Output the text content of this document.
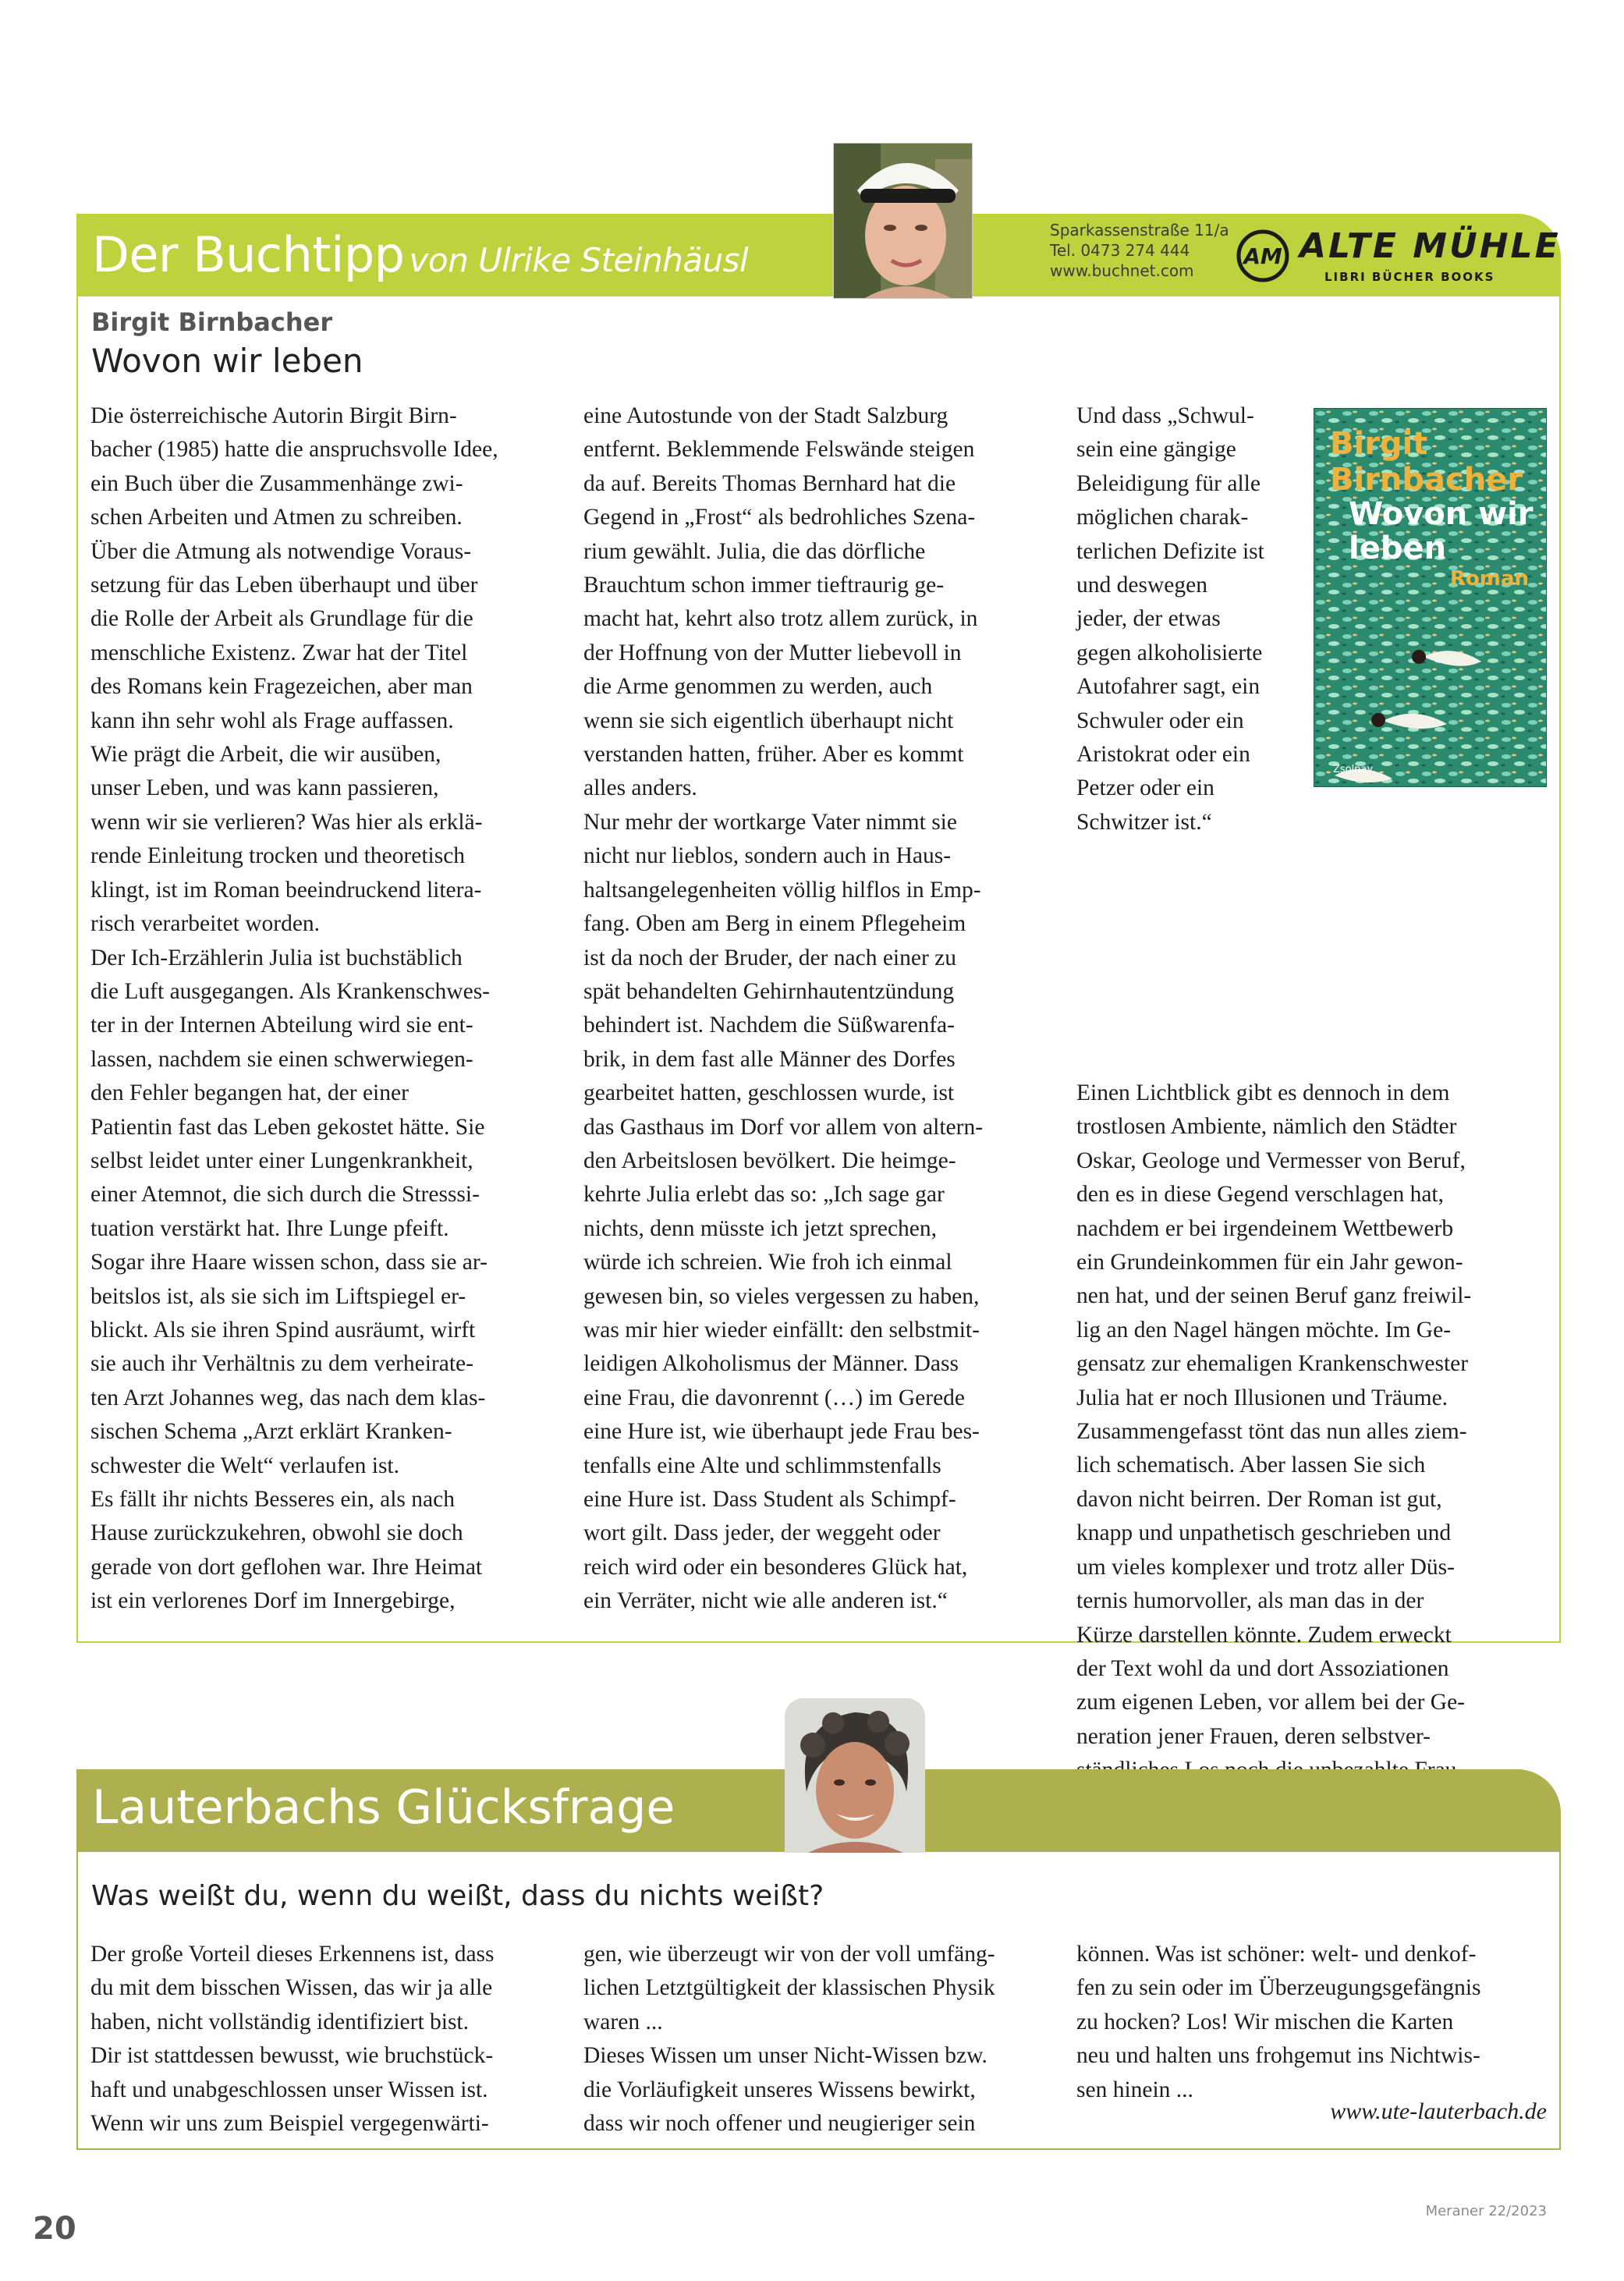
Der Buchtipp von Ulrike Steinhäusl
Sparkassenstraße 11/a
Tel. 0473 274 444
www.buchnet.com
AM ALTE MÜHLE
LIBRI BÜCHER BOOKS
Birgit Birnbacher
Wovon wir leben

Die österreichische Autorin Birgit Birn-

bacher (1985) hatte die anspruchsvolle Idee,

ein Buch über die Zusammenhänge zwi-

schen Arbeiten und Atmen zu schreiben.

Über die Atmung als notwendige Voraus-

setzung für das Leben überhaupt und über

die Rolle der Arbeit als Grundlage für die

menschliche Existenz. Zwar hat der Titel

des Romans kein Fragezeichen, aber man

kann ihn sehr wohl als Frage auffassen.

Wie prägt die Arbeit, die wir ausüben,

unser Leben, und was kann passieren,

wenn wir sie verlieren? Was hier als erklä-

rende Einleitung trocken und theoretisch

klingt, ist im Roman beeindruckend litera-

risch verarbeitet worden.

Der Ich-Erzählerin Julia ist buchstäblich

die Luft ausgegangen. Als Krankenschwes-

ter in der Internen Abteilung wird sie ent-

lassen, nachdem sie einen schwerwiegen-

den Fehler begangen hat, der einer

Patientin fast das Leben gekostet hätte. Sie

selbst leidet unter einer Lungenkrankheit,

einer Atemnot, die sich durch die Stresssi-

tuation verstärkt hat. Ihre Lunge pfeift.

Sogar ihre Haare wissen schon, dass sie ar-

beitslos ist, als sie sich im Liftspiegel er-

blickt. Als sie ihren Spind ausräumt, wirft

sie auch ihr Verhältnis zu dem verheirate-

ten Arzt Johannes weg, das nach dem klas-

sischen Schema „Arzt erklärt Kranken-

schwester die Welt“ verlaufen ist.

Es fällt ihr nichts Besseres ein, als nach

Hause zurückzukehren, obwohl sie doch

gerade von dort geflohen war. Ihre Heimat

ist ein verlorenes Dorf im Innergebirge,

eine Autostunde von der Stadt Salzburg

entfernt. Beklemmende Felswände steigen

da auf. Bereits Thomas Bernhard hat die

Gegend in „Frost“ als bedrohliches Szena-

rium gewählt. Julia, die das dörfliche

Brauchtum schon immer tieftraurig ge-

macht hat, kehrt also trotz allem zurück, in

der Hoffnung von der Mutter liebevoll in

die Arme genommen zu werden, auch

wenn sie sich eigentlich überhaupt nicht

verstanden hatten, früher. Aber es kommt

alles anders.

Nur mehr der wortkarge Vater nimmt sie

nicht nur lieblos, sondern auch in Haus-

haltsangelegenheiten völlig hilflos in Emp-

fang. Oben am Berg in einem Pflegeheim

ist da noch der Bruder, der nach einer zu

spät behandelten Gehirnhautentzündung

behindert ist. Nachdem die Süßwarenfa-

brik, in dem fast alle Männer des Dorfes

gearbeitet hatten, geschlossen wurde, ist

das Gasthaus im Dorf vor allem von altern-

den Arbeitslosen bevölkert. Die heimge-

kehrte Julia erlebt das so: „Ich sage gar

nichts, denn müsste ich jetzt sprechen,

würde ich schreien. Wie froh ich einmal

gewesen bin, so vieles vergessen zu haben,

was mir hier wieder einfällt: den selbstmit-

leidigen Alkoholismus der Männer. Dass

eine Frau, die davonrennt (…) im Gerede

eine Hure ist, wie überhaupt jede Frau bes-

tenfalls eine Alte und schlimmstenfalls

eine Hure ist. Dass Student als Schimpf-

wort gilt. Dass jeder, der weggeht oder

reich wird oder ein besonderes Glück hat,

ein Verräter, nicht wie alle anderen ist.“

Und dass „Schwul-

sein eine gängige

Beleidigung für alle

möglichen charak-

terlichen Defizite ist

und deswegen

jeder, der etwas

gegen alkoholisierte

Autofahrer sagt, ein

Schwuler oder ein

Aristokrat oder ein

Petzer oder ein

Schwitzer ist.“

Einen Lichtblick gibt es dennoch in dem

trostlosen Ambiente, nämlich den Städter

Oskar, Geologe und Vermesser von Beruf,

den es in diese Gegend verschlagen hat,

nachdem er bei irgendeinem Wettbewerb

ein Grundeinkommen für ein Jahr gewon-

nen hat, und der seinen Beruf ganz freiwil-

lig an den Nagel hängen möchte. Im Ge-

gensatz zur ehemaligen Krankenschwester

Julia hat er noch Illusionen und Träume.

Zusammengefasst tönt das nun alles ziem-

lich schematisch. Aber lassen Sie sich

davon nicht beirren. Der Roman ist gut,

knapp und unpathetisch geschrieben und

um vieles komplexer und trotz aller Düs-

ternis humorvoller, als man das in der

Kürze darstellen könnte. Zudem erweckt

der Text wohl da und dort Assoziationen

zum eigenen Leben, vor allem bei der Ge-

neration jener Frauen, deren selbstver-

Birgit
Birnbacher
Wovon wir
leben
Roman
Zsolnay
Lauterbachs Glücksfrage
Was weißt du, wenn du weißt, dass du nichts weißt?

Der große Vorteil dieses Erkennens ist, dass

du mit dem bisschen Wissen, das wir ja alle

haben, nicht vollständig identifiziert bist.

Dir ist stattdessen bewusst, wie bruchstück-

haft und unabgeschlossen unser Wissen ist.

Wenn wir uns zum Beispiel vergegenwärti-

gen, wie überzeugt wir von der voll umfäng-

lichen Letztgültigkeit der klassischen Physik

waren ...

Dieses Wissen um unser Nicht-Wissen bzw.

die Vorläufigkeit unseres Wissens bewirkt,

dass wir noch offener und neugieriger sein

können. Was ist schöner: welt- und denkof-

fen zu sein oder im Überzeugungsgefängnis

zu hocken? Los! Wir mischen die Karten

neu und halten uns frohgemut ins Nichtwis-

sen hinein ...

www.ute-lauterbach.de
20	Meraner 22/2023
